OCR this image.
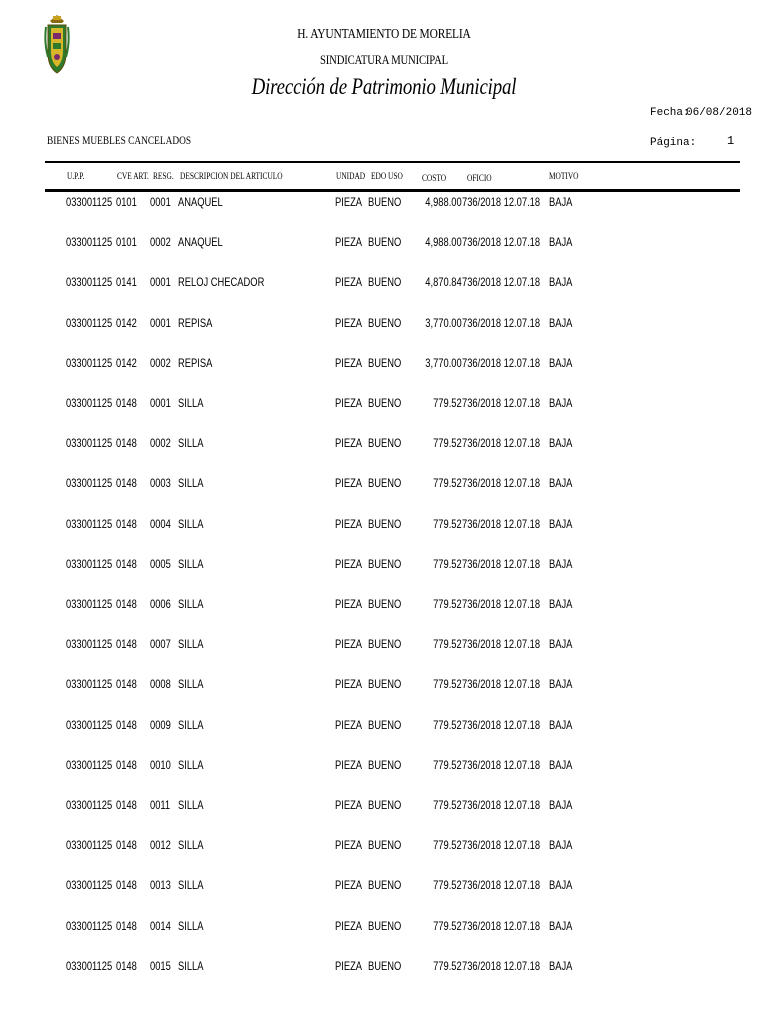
H. AYUNTAMIENTO DE MORELIA
SINDICATURA MUNICIPAL
Dirección de Patrimonio Municipal
Fecha:
06/08/2018
Página:	1
BIENES MUEBLES CANCELADOS
U.P.P.	CVE ART. RESG. DESCRIPCION DEL ARTICULO	UNIDAD EDO USO COSTO OFICIO	MOTIVO
033001125 0101 0001 ANAQUEL	PIEZA BUENO 4,988.00 736/2018 12.07.18 BAJA
033001125 0101 0002 ANAQUEL	PIEZA BUENO 4,988.00 736/2018 12.07.18 BAJA
033001125 0141 0001 RELOJ CHECADOR	PIEZA BUENO 4,870.84 736/2018 12.07.18 BAJA
033001125 0142 0001 REPISA	PIEZA BUENO 3,770.00 736/2018 12.07.18 BAJA
033001125 0142 0002 REPISA	PIEZA BUENO 3,770.00 736/2018 12.07.18 BAJA
033001125 0148 0001 SILLA	PIEZA BUENO	779.52 736/2018 12.07.18 BAJA
033001125 0148 0002 SILLA	PIEZA BUENO	779.52 736/2018 12.07.18 BAJA
033001125 0148 0003 SILLA	PIEZA BUENO	779.52 736/2018 12.07.18 BAJA
033001125 0148 0004 SILLA	PIEZA BUENO	779.52 736/2018 12.07.18 BAJA
033001125 0148 0005 SILLA	PIEZA BUENO	779.52 736/2018 12.07.18 BAJA
033001125 0148 0006 SILLA	PIEZA BUENO	779.52 736/2018 12.07.18 BAJA
033001125 0148 0007 SILLA	PIEZA BUENO	779.52 736/2018 12.07.18 BAJA
033001125 0148 0008 SILLA	PIEZA BUENO	779.52 736/2018 12.07.18 BAJA
033001125 0148 0009 SILLA	PIEZA BUENO	779.52 736/2018 12.07.18 BAJA
033001125 0148 0010 SILLA	PIEZA BUENO	779.52 736/2018 12.07.18 BAJA
033001125 0148 0011 SILLA	PIEZA BUENO	779.52 736/2018 12.07.18 BAJA
033001125 0148 0012 SILLA	PIEZA BUENO	779.52 736/2018 12.07.18 BAJA
033001125 0148 0013 SILLA	PIEZA BUENO	779.52 736/2018 12.07.18 BAJA
033001125 0148 0014 SILLA	PIEZA BUENO	779.52 736/2018 12.07.18 BAJA
033001125 0148 0015 SILLA	PIEZA BUENO	779.52 736/2018 12.07.18 BAJA
